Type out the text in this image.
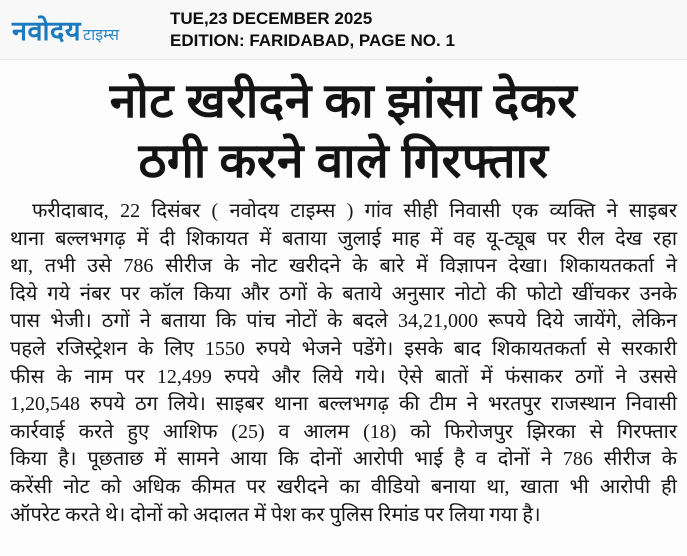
नवोदय टाइम्स
TUE,23 DECEMBER 2025
EDITION: FARIDABAD, PAGE NO. 1
नोट खरीदने का झांसा देकर
ठगी करने वाले गिरफ्तार
फरीदाबाद, 22 दिसंबर ( नवोदय टाइम्स ) गांव सीही निवासी एक व्यक्ति ने साइबर
थाना बल्लभगढ़ में दी शिकायत में बताया जुलाई माह में वह यू-ट्यूब पर रील देख रहा
था, तभी उसे 786 सीरीज के नोट खरीदने के बारे में विज्ञापन देखा। शिकायतकर्ता ने
दिये गये नंबर पर कॉल किया और ठगों के बताये अनुसार नोटो की फोटो खींचकर उनके
पास भेजी। ठगों ने बताया कि पांच नोटों के बदले 34,21,000 रूपये दिये जायेंगे, लेकिन
पहले रजिस्ट्रेशन के लिए 1550 रुपये भेजने पडेंगे। इसके बाद शिकायतकर्ता से सरकारी
फीस के नाम पर 12,499 रुपये और लिये गये। ऐसे बातों में फंसाकर ठगों ने उससे
1,20,548 रुपये ठग लिये। साइबर थाना बल्लभगढ़ की टीम ने भरतपुर राजस्थान निवासी
कार्रवाई करते हुए आशिफ (25) व आलम (18) को फिरोजपुर झिरका से गिरफ्तार
किया है। पूछताछ में सामने आया कि दोनों आरोपी भाई है व दोनों ने 786 सीरीज के
करेंसी नोट को अधिक कीमत पर खरीदने का वीडियो बनाया था, खाता भी आरोपी ही
ऑपरेट करते थे। दोनों को अदालत में पेश कर पुलिस रिमांड पर लिया गया है।
